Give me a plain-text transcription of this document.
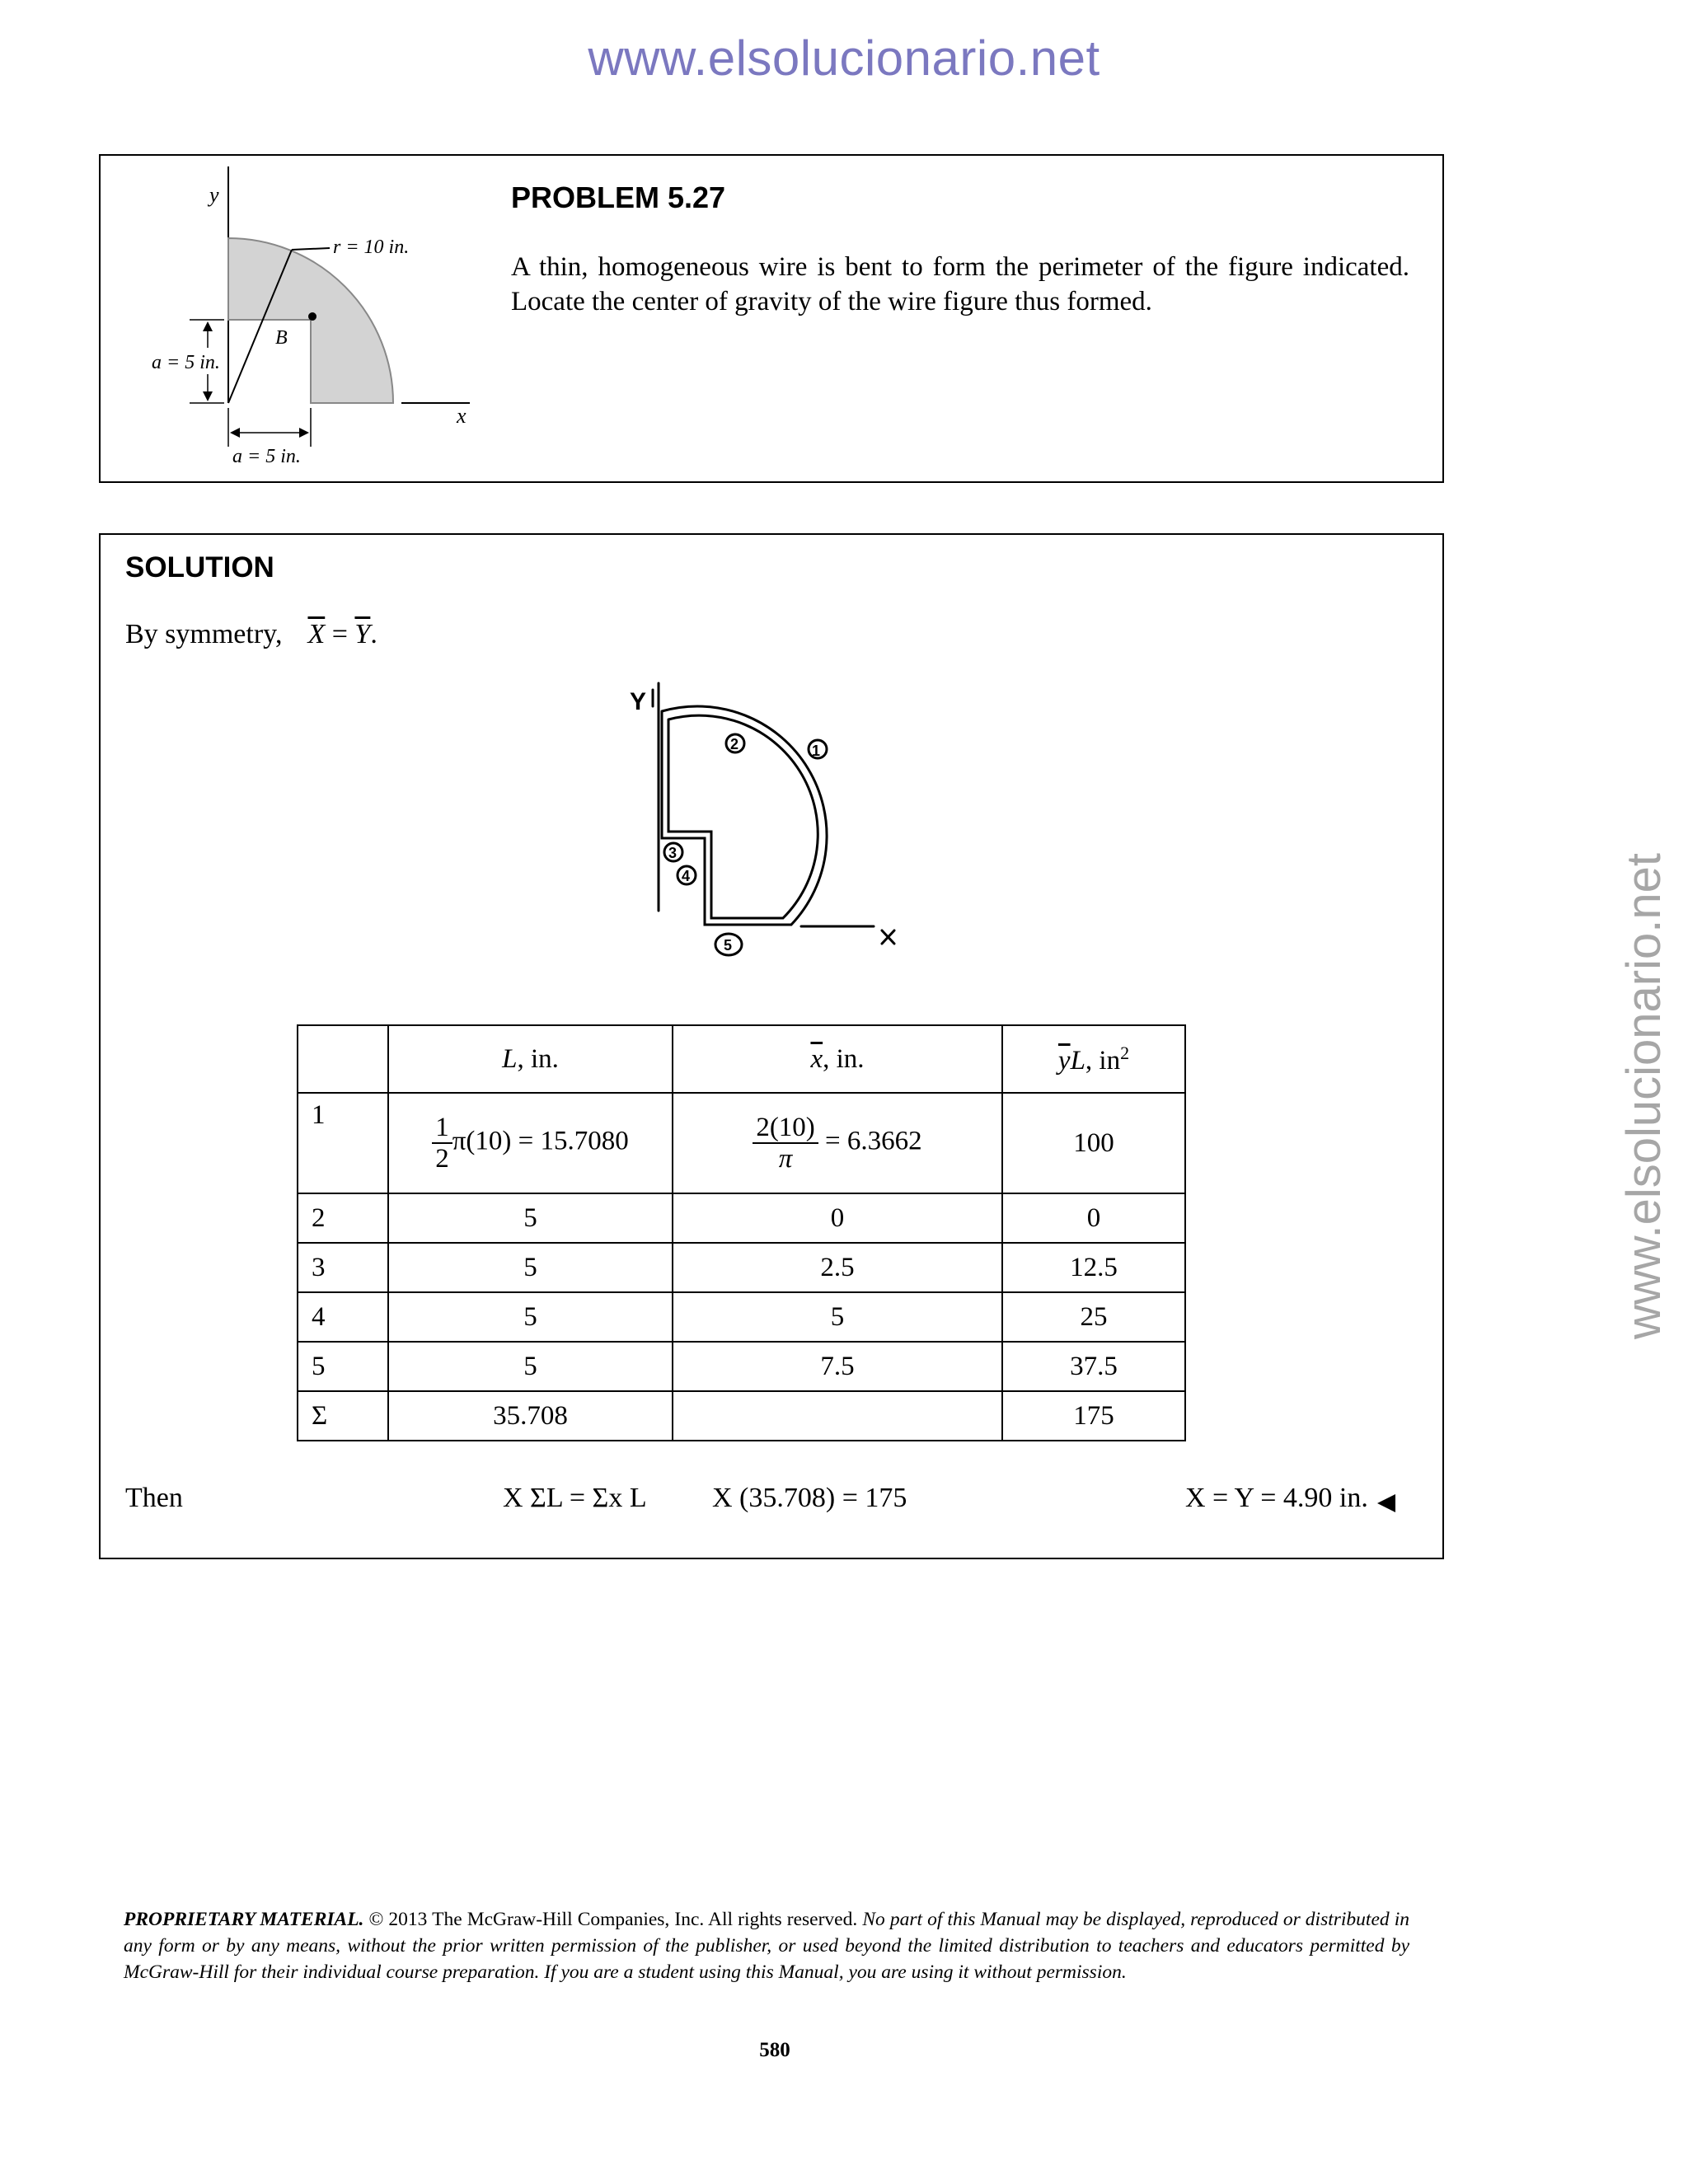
www.elsolucionario.net
www.elsolucionario.net
y
x
r = 10 in.
B
a = 5 in.
a = 5 in.
PROBLEM 5.27
A thin, homogeneous wire is bent to form the perimeter of the figure indicated. Locate the center of gravity of the wire figure thus formed.
SOLUTION
By symmetry, $\overline{X} = \overline{Y}$.
Y
1
2
3
4
5
	L, in.	$\overline{x}$, in.	$\overline{y}L$, $in^2$
1	$\frac{1}{2} \pi(10) = 15.7080$	$\frac{2(10)}{\pi} = 6.3662$	100
2	5	0	0
3	5	2.5	12.5
4	5	5	25
5	5	7.5	37.5
Σ	35.708		175
Then	X ΣL = Σx L X (35.708) = 175	X = Y = 4.90 in.
PROPRIETARY MATERIAL. © 2013 The McGraw-Hill Companies, Inc. All rights reserved. No part of this Manual may be displayed, reproduced or distributed in any form or by any means, without the prior written permission of the publisher, or used beyond the limited distribution to teachers and educators permitted by McGraw-Hill for their individual course preparation. If you are a student using this Manual, you are using it without permission.
580
